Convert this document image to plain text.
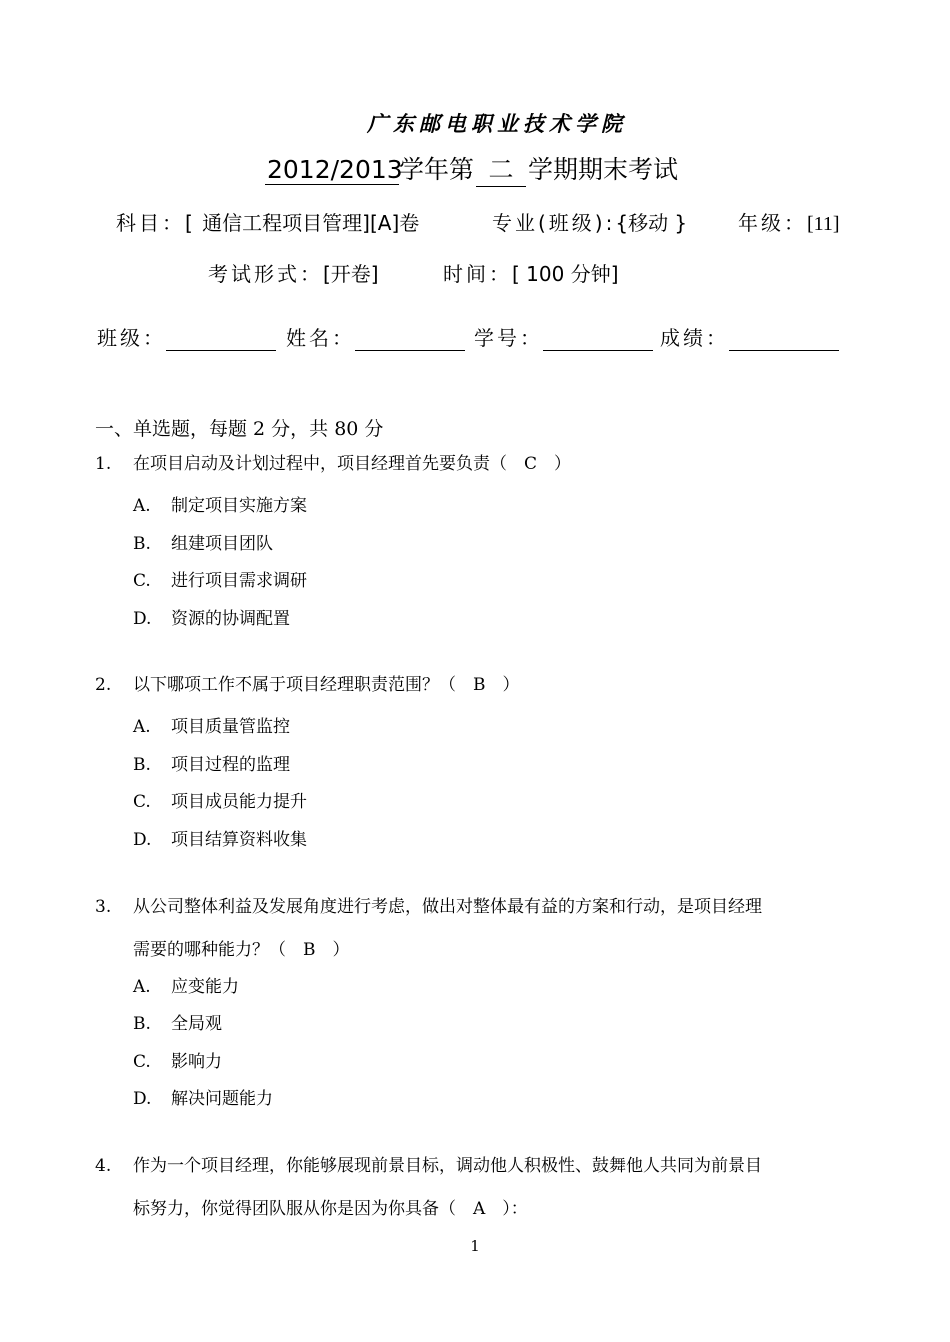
广东邮电职业技术学院
2012/2013学年第 二 学期期末考试
科目：[ 通信工程项目管理][A]卷	专业(班级):{移动 }	年级：[11]
考试形式：[开卷]	时间：[ 100 分钟]
班级：	姓名：	学号：	成绩：
一、单选题，每题 2 分，共 80 分
1. 在项目启动及计划过程中，项目经理首先要负责（　C　）
A. 制定项目实施方案
B. 组建项目团队
C. 进行项目需求调研
D. 资源的协调配置
2. 以下哪项工作不属于项目经理职责范围？（　B　）
A. 项目质量管监控
B. 项目过程的监理
C. 项目成员能力提升
D. 项目结算资料收集
3. 从公司整体利益及发展角度进行考虑，做出对整体最有益的方案和行动，是项目经理
需要的哪种能力？（　B　）
A. 应变能力
B. 全局观
C. 影响力
D. 解决问题能力
4. 作为一个项目经理，你能够展现前景目标，调动他人积极性、鼓舞他人共同为前景目
标努力，你觉得团队服从你是因为你具备（　A　）：
1
